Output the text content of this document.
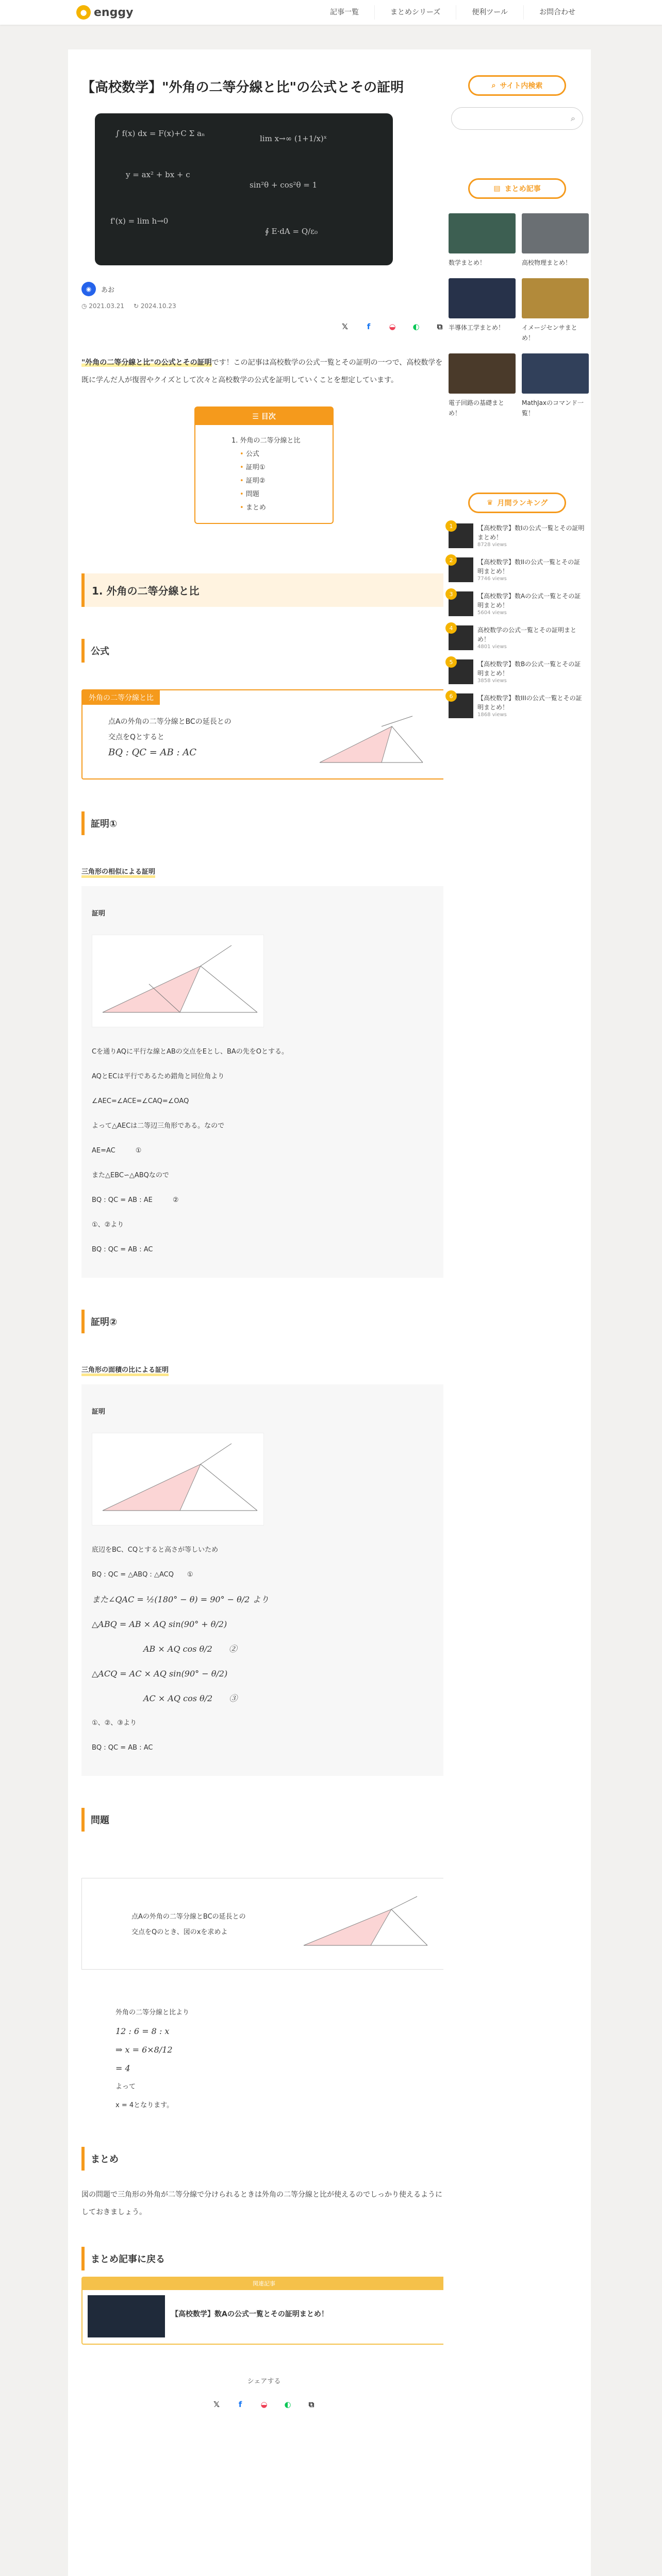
● enggy	記事一覧	まとめシリーズ	便利ツール	お問合わせ
【高校数学】"外角の二等分線と比"の公式とその証明
∫ f(x) dx = F(x)+C Σ aₙ
lim x→∞ (1+1/x)ˣ
y = ax² + bx + c
sin²θ + cos²θ = 1
f'(x) = lim h→0
∮ E·dA = Q/ε₀
◉	あお
◷ 2021.03.21 ↻ 2024.10.23
𝕏	f	◒	◐	⧉

"外角の二等分線と比"の公式とその証明です！この記事は高校数学の公式一覧とその証明の一つで、高校数学を既に学んだ人が復習やクイズとして次々と高校数学の公式を証明していくことを想定しています。

☰ 目次
1. 外角の二等分線と比
• 公式
• 証明①
• 証明②
• 問題
• まとめ
1. 外角の二等分線と比
公式
外角の二等分線と比
点Aの外角の二等分線とBCの延長との
交点をQとすると
BQ : QC = AB : AC
証明①
三角形の相似による証明
証明
Cを通りAQに平行な線とABの交点をEとし、BAの先をOとする。
AQとECは平行であるため錯角と同位角より
∠AEC=∠ACE=∠CAQ=∠OAQ
よって△AECは二等辺三角形である。なので
AE=AC　　　①
また△EBC∽△ABQなので
BQ : QC = AB : AE　　　②
①、②より
BQ : QC = AB : AC
証明②
三角形の面積の比による証明
証明
底辺をBC、CQとすると高さが等しいため
BQ : QC = △ABQ : △ACQ　　①
また∠QAC = ½(180° − θ) = 90° − θ/2 より
△ABQ = AB × AQ sin(90° + θ/2)
AB × AQ cos θ/2　　②
△ACQ = AC × AQ sin(90° − θ/2)
AC × AQ cos θ/2　　③
①、②、③より
BQ : QC = AB : AC
問題
点Aの外角の二等分線とBCの延長との
交点をQのとき、図のxを求めよ
外角の二等分線と比より
12 : 6 = 8 : x
⇒ x = 6×8/12
= 4
よって
x = 4となります。
まとめ

図の問題で三角形の外角が二等分線で分けられるときは外角の二等分線と比が使えるのでしっかり使えるようにしておきましょう。

まとめ記事に戻る
関連記事
【高校数学】数Aの公式一覧とその証明まとめ！
シェアする
𝕏	f	◒	◐	⧉
⌕ サイト内検索
⌕
▤ まとめ記事
数学まとめ！	高校物理まとめ！
半導体工学まとめ！	イメージセンサまとめ！
電子回路の基礎まとめ！
MathJaxのコマンド一覧！
♛ 月間ランキング
1	【高校数学】数Iの公式一覧とその証明まとめ！
8728 views
2	【高校数学】数IIの公式一覧とその証明まとめ！
7746 views
3	【高校数学】数Aの公式一覧とその証明まとめ！
5604 views
4	高校数学の公式一覧とその証明まとめ！
4801 views
5	【高校数学】数Bの公式一覧とその証明まとめ！
3858 views
6	【高校数学】数IIIの公式一覧とその証明まとめ！
1868 views
